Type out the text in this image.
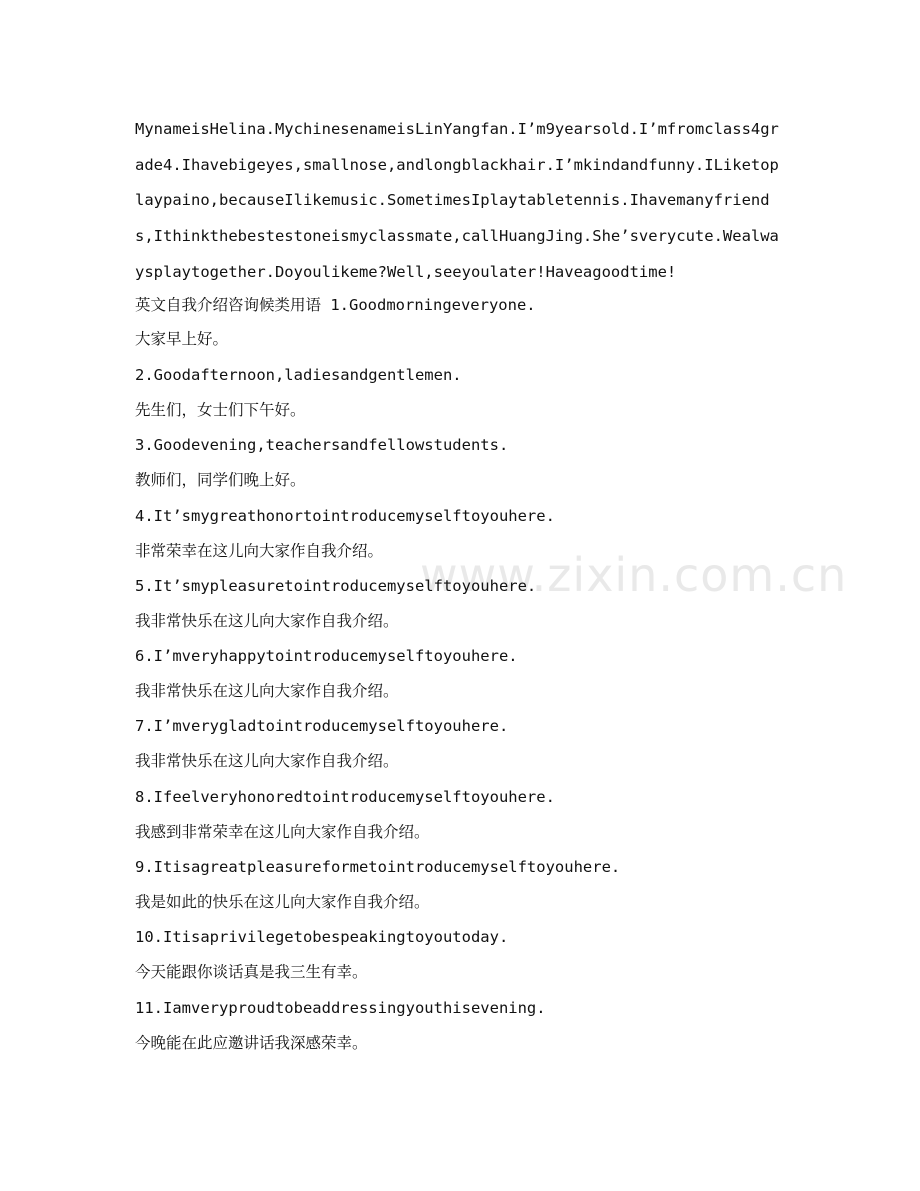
www.zixin.com.cn
MynameisHelina.MychinesenameisLinYangfan.I’m9yearsold.I’mfromclass4grade4.Ihavebigeyes,smallnose,andlongblackhair.I’mkindandfunny.ILiketoplaypaino,becauseIlikemusic.SometimesIplaytabletennis.Ihavemanyfriends,Ithinkthebestestoneismyclassmate,callHuangJing.She’sverycute.Wealwaysplaytogether.Doyoulikeme?Well,seeyoulater!Haveagoodtime!
英文自我介绍咨询候类用语 1.Goodmorningeveryone.
大家早上好。
2.Goodafternoon,ladiesandgentlemen.
先生们，女士们下午好。
3.Goodevening,teachersandfellowstudents.
教师们，同学们晚上好。
4.It’smygreathonortointroducemyselftoyouhere.
非常荣幸在这儿向大家作自我介绍。
5.It’smypleasuretointroducemyselftoyouhere.
我非常快乐在这儿向大家作自我介绍。
6.I’mveryhappytointroducemyselftoyouhere.
我非常快乐在这儿向大家作自我介绍。
7.I’mverygladtointroducemyselftoyouhere.
我非常快乐在这儿向大家作自我介绍。
8.Ifeelveryhonoredtointroducemyselftoyouhere.
我感到非常荣幸在这儿向大家作自我介绍。
9.Itisagreatpleasureformetointroducemyselftoyouhere.
我是如此的快乐在这儿向大家作自我介绍。
10.Itisaprivilegetobespeakingtoyoutoday.
今天能跟你谈话真是我三生有幸。
11.Iamveryproudtobeaddressingyouthisevening.
今晚能在此应邀讲话我深感荣幸。
